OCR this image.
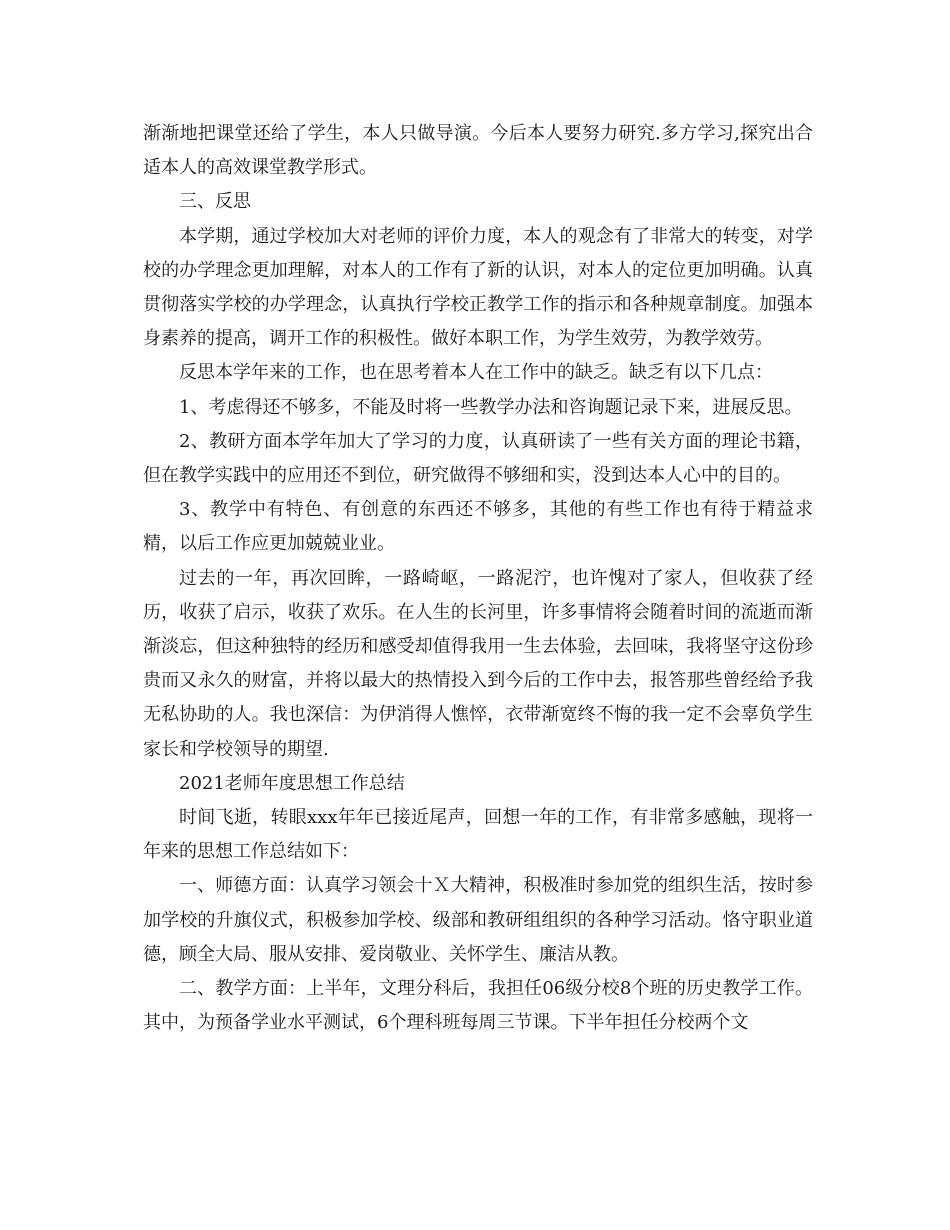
渐渐地把课堂还给了学生，本人只做导演。今后本人要努力研究.多方学习,探究出合适本人的高效课堂教学形式。

三、反思

本学期，通过学校加大对老师的评价力度，本人的观念有了非常大的转变，对学校的办学理念更加理解，对本人的工作有了新的认识，对本人的定位更加明确。认真贯彻落实学校的办学理念，认真执行学校正教学工作的指示和各种规章制度。加强本身素养的提高，调开工作的积极性。做好本职工作，为学生效劳，为教学效劳。

反思本学年来的工作，也在思考着本人在工作中的缺乏。缺乏有以下几点：

1、考虑得还不够多，不能及时将一些教学办法和咨询题记录下来，进展反思。

2、教研方面本学年加大了学习的力度，认真研读了一些有关方面的理论书籍，但在教学实践中的应用还不到位，研究做得不够细和实，没到达本人心中的目的。

3、教学中有特色、有创意的东西还不够多，其他的有些工作也有待于精益求精，以后工作应更加兢兢业业。

过去的一年，再次回眸，一路崎岖，一路泥泞，也许愧对了家人，但收获了经历，收获了启示，收获了欢乐。在人生的长河里，许多事情将会随着时间的流逝而渐渐淡忘，但这种独特的经历和感受却值得我用一生去体验，去回味，我将坚守这份珍贵而又永久的财富，并将以最大的热情投入到今后的工作中去，报答那些曾经给予我无私协助的人。我也深信：为伊消得人憔悴，衣带渐宽终不悔的我一定不会辜负学生家长和学校领导的期望.

2021老师年度思想工作总结

时间飞逝，转眼xxx年年已接近尾声，回想一年的工作，有非常多感触，现将一年来的思想工作总结如下：

一、师德方面：认真学习领会十Ｘ大精神，积极准时参加党的组织生活，按时参加学校的升旗仪式，积极参加学校、级部和教研组组织的各种学习活动。恪守职业道德，顾全大局、服从安排、爱岗敬业、关怀学生、廉洁从教。

二、教学方面：上半年，文理分科后，我担任06级分校8个班的历史教学工作。其中，为预备学业水平测试，6个理科班每周三节课。下半年担任分校两个文
